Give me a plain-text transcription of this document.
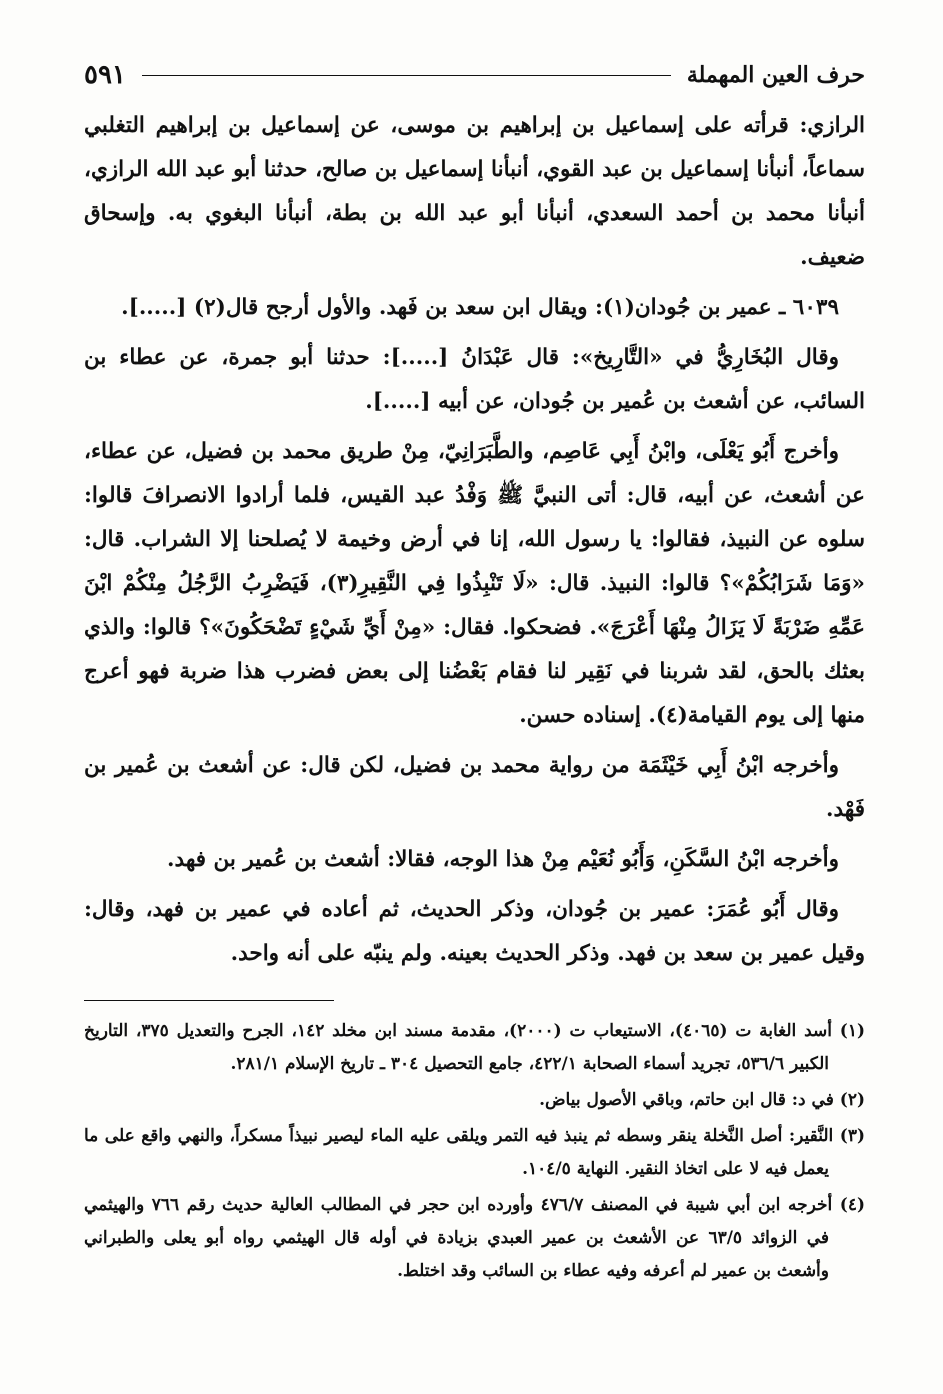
حرف العين المهملة
٥٩١

الرازي: قرأته على إسماعيل بن إبراهيم بن موسى، عن إسماعيل بن إبراهيم التغلبي سماعاً، أنبأنا إسماعيل بن عبد القوي، أنبأنا إسماعيل بن صالح، حدثنا أبو عبد الله الرازي، أنبأنا محمد بن أحمد السعدي، أنبأنا أبو عبد الله بن بطة، أنبأنا البغوي به. وإسحاق ضعيف.

٦٠٣٩ ـ عمير بن جُودان(١): ويقال ابن سعد بن فَهد. والأول أرجح قال(٢) [.....].

وقال البُخَارِيُّ في «التَّارِيخ»: قال عَبْدَانُ [.....]: حدثنا أبو جمرة، عن عطاء بن السائب، عن أشعث بن عُمير بن جُودان، عن أبيه [.....].

وأخرج أَبُو يَعْلَى، وابْنُ أَبِي عَاصِم، والطَّبَرَانِيّ، مِنْ طريق محمد بن فضيل، عن عطاء، عن أشعث، عن أبيه، قال: أتى النبيَّ ﷺ وَفْدُ عبد القيس، فلما أرادوا الانصرافَ قالوا: سلوه عن النبيذ، فقالوا: يا رسول الله، إنا في أرض وخيمة لا يُصلحنا إلا الشراب. قال: «وَمَا شَرَابُكُمْ»؟ قالوا: النبيذ. قال: «لَا تَنْبِذُوا فِي النَّقِيرِ(٣)، فَيَضْرِبُ الرَّجُلُ مِنْكُمْ ابْنَ عَمِّهِ ضَرْبَةً لَا يَزَالُ مِنْهَا أَعْرَجَ». فضحكوا. فقال: «مِنْ أَيِّ شَيْءٍ تَضْحَكُونَ»؟ قالوا: والذي بعثك بالحق، لقد شربنا في نَقِير لنا فقام بَعْضُنا إلى بعض فضرب هذا ضربة فهو أعرج منها إلى يوم القيامة(٤). إسناده حسن.

وأخرجه ابْنُ أَبِي خَيْثَمَة من رواية محمد بن فضيل، لكن قال: عن أشعث بن عُمير بن فَهْد.

وأخرجه ابْنُ السَّكَنِ، وَأَبُو نُعَيْم مِنْ هذا الوجه، فقالا: أشعث بن عُمير بن فهد.

وقال أَبُو عُمَرَ: عمير بن جُودان، وذكر الحديث، ثم أعاده في عمير بن فهد، وقال: وقيل عمير بن سعد بن فهد. وذكر الحديث بعينه. ولم ينبّه على أنه واحد.

(١) أسد الغابة ت (٤٠٦٥)، الاستيعاب ت (٢٠٠٠)، مقدمة مسند ابن مخلد ١٤٢، الجرح والتعديل ٣٧٥، التاريخ الكبير ٥٣٦/٦، تجريد أسماء الصحابة ٤٢٢/١، جامع التحصيل ٣٠٤ ـ تاريخ الإسلام ٢٨١/١.

(٢) في د: قال ابن حاتم، وباقي الأصول بياض.

(٣) النَّقير: أصل النَّخلة ينقر وسطه ثم ينبذ فيه التمر ويلقى عليه الماء ليصير نبيذاً مسكراً، والنهي واقع على ما يعمل فيه لا على اتخاذ النقير. النهاية ١٠٤/٥.

(٤) أخرجه ابن أبي شيبة في المصنف ٤٧٦/٧ وأورده ابن حجر في المطالب العالية حديث رقم ٧٦٦ والهيثمي في الزوائد ٦٣/٥ عن الأشعث بن عمير العبدي بزيادة في أوله قال الهيثمي رواه أبو يعلى والطبراني وأشعث بن عمير لم أعرفه وفيه عطاء بن السائب وقد اختلط.
